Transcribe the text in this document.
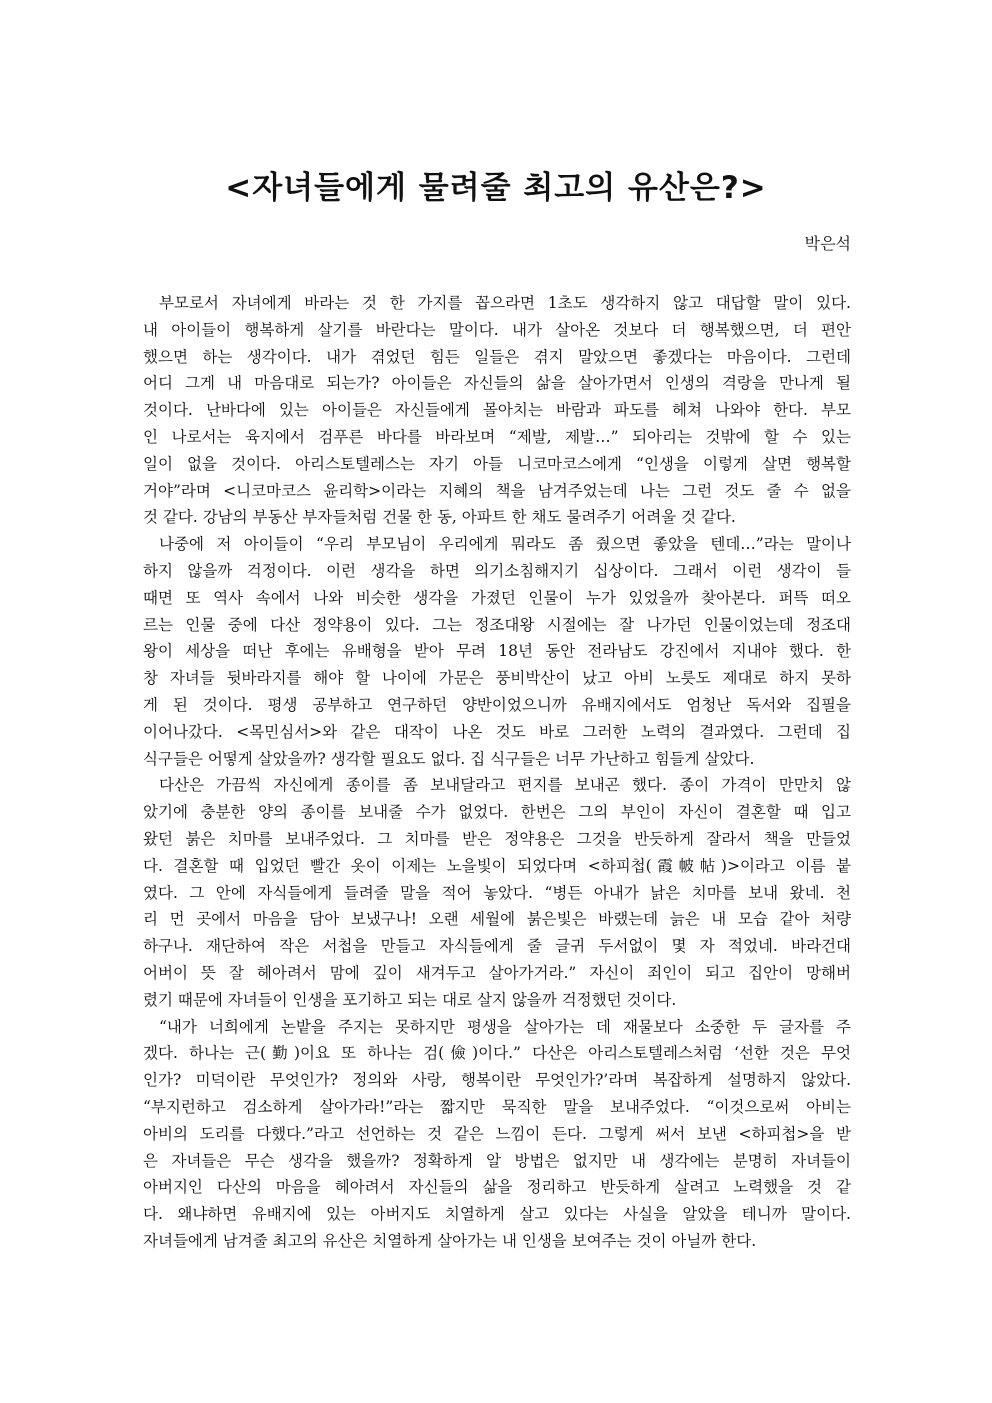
<자녀들에게 물려줄 최고의 유산은?>
박은석
부모로서 자녀에게 바라는 것 한 가지를 꼽으라면 1초도 생각하지 않고 대답할 말이 있다.
내 아이들이 행복하게 살기를 바란다는 말이다. 내가 살아온 것보다 더 행복했으면, 더 편안
했으면 하는 생각이다. 내가 겪었던 힘든 일들은 겪지 말았으면 좋겠다는 마음이다. 그런데
어디 그게 내 마음대로 되는가? 아이들은 자신들의 삶을 살아가면서 인생의 격랑을 만나게 될
것이다. 난바다에 있는 아이들은 자신들에게 몰아치는 바람과 파도를 헤쳐 나와야 한다. 부모
인 나로서는 육지에서 검푸른 바다를 바라보며 “제발, 제발…” 되아리는 것밖에 할 수 있는
일이 없을 것이다. 아리스토텔레스는 자기 아들 니코마코스에게 “인생을 이렇게 살면 행복할
거야”라며 <니코마코스 윤리학>이라는 지혜의 책을 남겨주었는데 나는 그런 것도 줄 수 없을
것 같다. 강남의 부동산 부자들처럼 건물 한 동, 아파트 한 채도 물려주기 어려울 것 같다.
나중에 저 아이들이 “우리 부모님이 우리에게 뭐라도 좀 줬으면 좋았을 텐데…”라는 말이나
하지 않을까 걱정이다. 이런 생각을 하면 의기소침해지기 십상이다. 그래서 이런 생각이 들
때면 또 역사 속에서 나와 비슷한 생각을 가졌던 인물이 누가 있었을까 찾아본다. 퍼뜩 떠오
르는 인물 중에 다산 정약용이 있다. 그는 정조대왕 시절에는 잘 나가던 인물이었는데 정조대
왕이 세상을 떠난 후에는 유배형을 받아 무려 18년 동안 전라남도 강진에서 지내야 했다. 한
창 자녀들 뒷바라지를 해야 할 나이에 가문은 풍비박산이 났고 아비 노릇도 제대로 하지 못하
게 된 것이다. 평생 공부하고 연구하던 양반이었으니까 유배지에서도 엄청난 독서와 집필을
이어나갔다. <목민심서>와 같은 대작이 나온 것도 바로 그러한 노력의 결과였다. 그런데 집
식구들은 어떻게 살았을까? 생각할 필요도 없다. 집 식구들은 너무 가난하고 힘들게 살았다.
다산은 가끔씩 자신에게 종이를 좀 보내달라고 편지를 보내곤 했다. 종이 가격이 만만치 않
았기에 충분한 양의 종이를 보내줄 수가 없었다. 한번은 그의 부인이 자신이 결혼할 때 입고
왔던 붉은 치마를 보내주었다. 그 치마를 받은 정약용은 그것을 반듯하게 잘라서 책을 만들었
다. 결혼할 때 입었던 빨간 옷이 이제는 노을빛이 되었다며 <하피첩(霞帔帖)>이라고 이름 붙
였다. 그 안에 자식들에게 들려줄 말을 적어 놓았다. “병든 아내가 낡은 치마를 보내 왔네. 천
리 먼 곳에서 마음을 담아 보냈구나! 오랜 세월에 붉은빛은 바랬는데 늙은 내 모습 같아 처량
하구나. 재단하여 작은 서첩을 만들고 자식들에게 줄 글귀 두서없이 몇 자 적었네. 바라건대
어버이 뜻 잘 헤아려서 맘에 깊이 새겨두고 살아가거라.” 자신이 죄인이 되고 집안이 망해버
렸기 때문에 자녀들이 인생을 포기하고 되는 대로 살지 않을까 걱정했던 것이다.
“내가 너희에게 논밭을 주지는 못하지만 평생을 살아가는 데 재물보다 소중한 두 글자를 주
겠다. 하나는 근(勤)이요 또 하나는 검(儉)이다.” 다산은 아리스토텔레스처럼 ‘선한 것은 무엇
인가? 미덕이란 무엇인가? 정의와 사랑, 행복이란 무엇인가?’라며 복잡하게 설명하지 않았다.
“부지런하고 검소하게 살아가라!”라는 짧지만 묵직한 말을 보내주었다. “이것으로써 아비는
아비의 도리를 다했다.”라고 선언하는 것 같은 느낌이 든다. 그렇게 써서 보낸 <하피첩>을 받
은 자녀들은 무슨 생각을 했을까? 정확하게 알 방법은 없지만 내 생각에는 분명히 자녀들이
아버지인 다산의 마음을 헤아려서 자신들의 삶을 정리하고 반듯하게 살려고 노력했을 것 같
다. 왜냐하면 유배지에 있는 아버지도 치열하게 살고 있다는 사실을 알았을 테니까 말이다.
자녀들에게 남겨줄 최고의 유산은 치열하게 살아가는 내 인생을 보여주는 것이 아닐까 한다.
